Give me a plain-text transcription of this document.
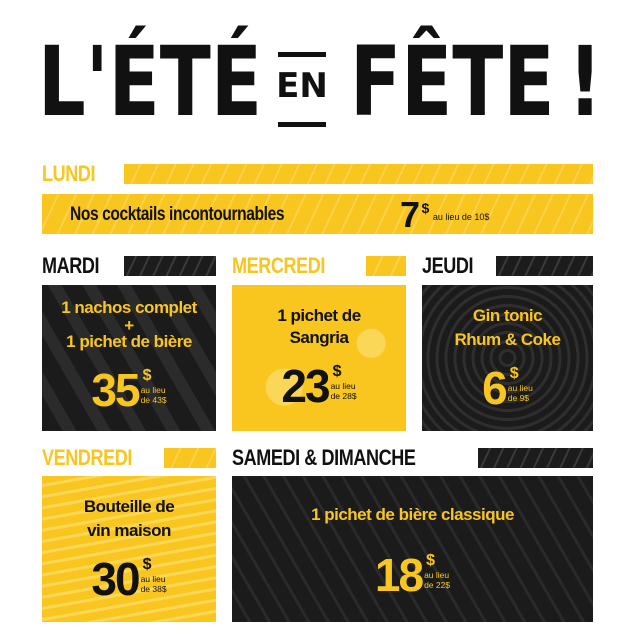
L'ÉTÉ EN FÊTE !
LUNDI
Nos cocktails incontournables	7 $
au lieu de 10$
MARDI
1 nachos complet
+
1 pichet de bière
35 $
au lieu
de 43$
MERCREDI
1 pichet de
Sangria
23 $
au lieu
de 28$
JEUDI
Gin tonic
Rhum & Coke
6 $
au lieu
de 9$
VENDREDI
Bouteille de
vin maison
30 $
au lieu
de 38$
SAMEDI & DIMANCHE
1 pichet de bière classique
18 $
au lieu
de 22$
